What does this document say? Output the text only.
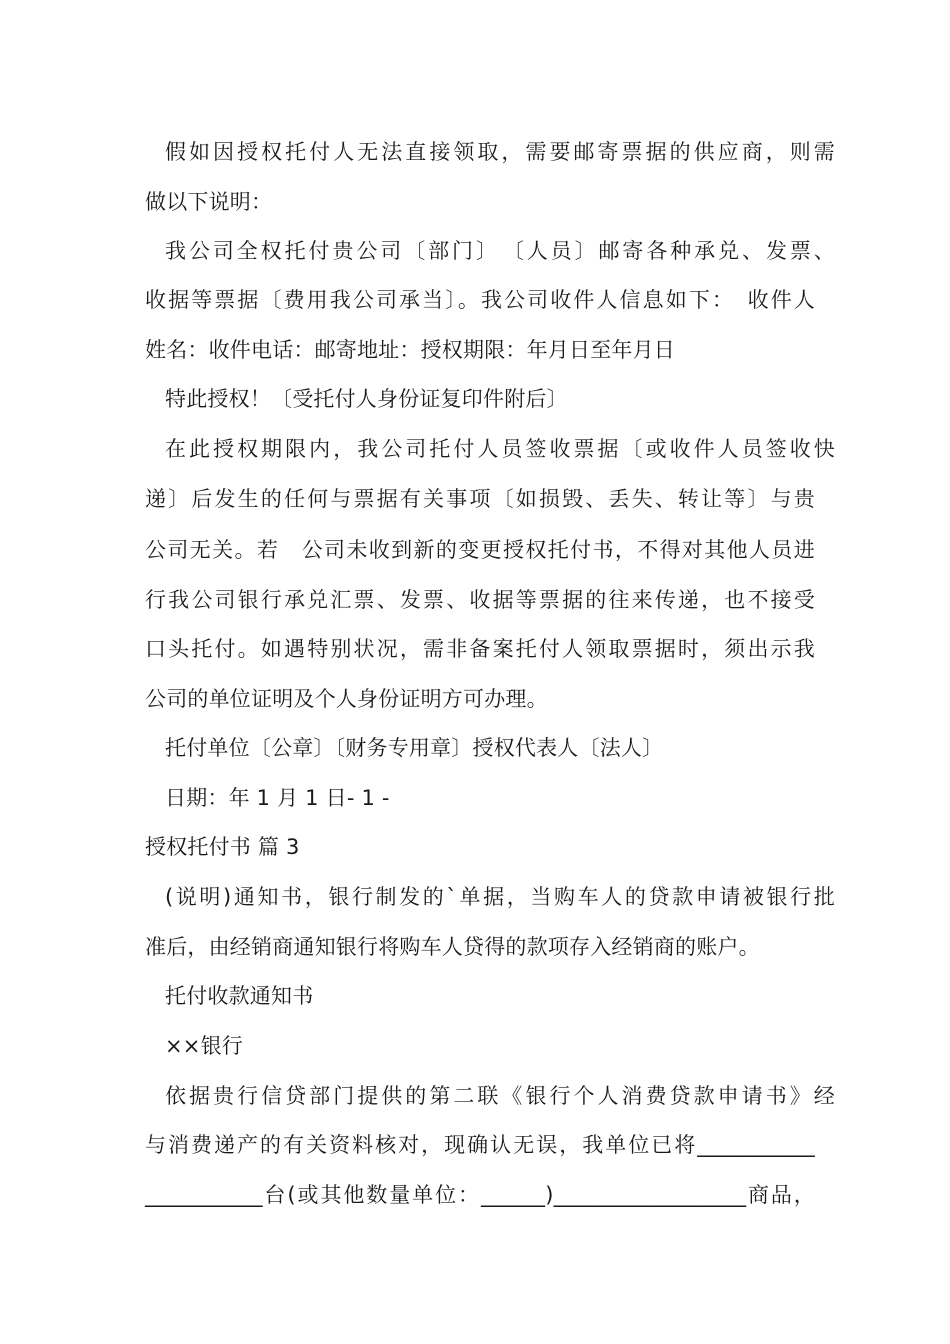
假如因授权托付人无法直接领取，需要邮寄票据的供应商，则需
做以下说明：
我公司全权托付贵公司〔部门〕　〔人员〕邮寄各种承兑、发票、
收据等票据〔费用我公司承当〕。我公司收件人信息如下：　收件人
姓名：收件电话：邮寄地址：授权期限：年月日至年月日
特此授权！〔受托付人身份证复印件附后〕
在此授权期限内，我公司托付人员签收票据〔或收件人员签收快
递〕后发生的任何与票据有关事项〔如损毁、丢失、转让等〕与贵
公司无关。若　公司未收到新的变更授权托付书，不得对其他人员进
行我公司银行承兑汇票、发票、收据等票据的往来传递，也不接受
口头托付。如遇特别状况，需非备案托付人领取票据时，须出示我
公司的单位证明及个人身份证明方可办理。
托付单位〔公章〕〔财务专用章〕授权代表人〔法人〕
日期：年 1 月 1 日- 1 -
授权托付书 篇 3
(说明)通知书，银行制发的`单据，当购车人的贷款申请被银行批
准后，由经销商通知银行将购车人贷得的款项存入经销商的账户。
托付收款通知书
××银行
依据贵行信贷部门提供的第二联《银行个人消费贷款申请书》经
与消费递产的有关资料核对，现确认无误，我单位已将___________
___________台(或其他数量单位：______)__________________商品，
